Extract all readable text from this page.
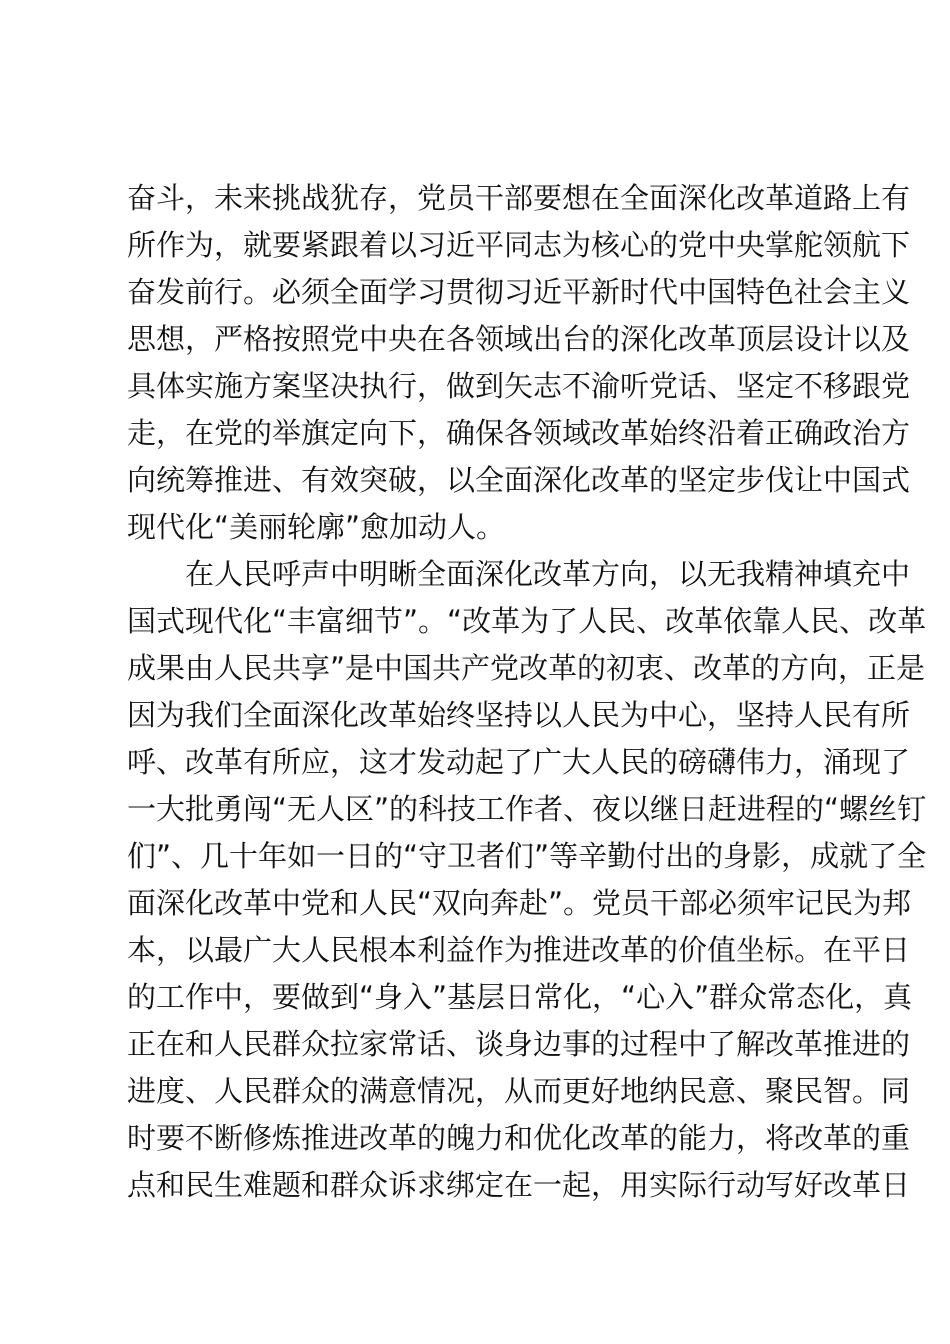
奋斗，未来挑战犹存，党员干部要想在全面深化改革道路上有
所作为，就要紧跟着以习近平同志为核心的党中央掌舵领航下
奋发前行。必须全面学习贯彻习近平新时代中国特色社会主义
思想，严格按照党中央在各领域出台的深化改革顶层设计以及
具体实施方案坚决执行，做到矢志不渝听党话、坚定不移跟党
走，在党的举旗定向下，确保各领域改革始终沿着正确政治方
向统筹推进、有效突破，以全面深化改革的坚定步伐让中国式
现代化“美丽轮廓”愈加动人。
　　在人民呼声中明晰全面深化改革方向，以无我精神填充中
国式现代化“丰富细节”。“改革为了人民、改革依靠人民、改革
成果由人民共享”是中国共产党改革的初衷、改革的方向，正是
因为我们全面深化改革始终坚持以人民为中心，坚持人民有所
呼、改革有所应，这才发动起了广大人民的磅礴伟力，涌现了
一大批勇闯“无人区”的科技工作者、夜以继日赶进程的“螺丝钉
们”、几十年如一日的“守卫者们”等辛勤付出的身影，成就了全
面深化改革中党和人民“双向奔赴”。党员干部必须牢记民为邦
本，以最广大人民根本利益作为推进改革的价值坐标。在平日
的工作中，要做到“身入”基层日常化，“心入”群众常态化，真
正在和人民群众拉家常话、谈身边事的过程中了解改革推进的
进度、人民群众的满意情况，从而更好地纳民意、聚民智。同
时要不断修炼推进改革的魄力和优化改革的能力，将改革的重
点和民生难题和群众诉求绑定在一起，用实际行动写好改革日
